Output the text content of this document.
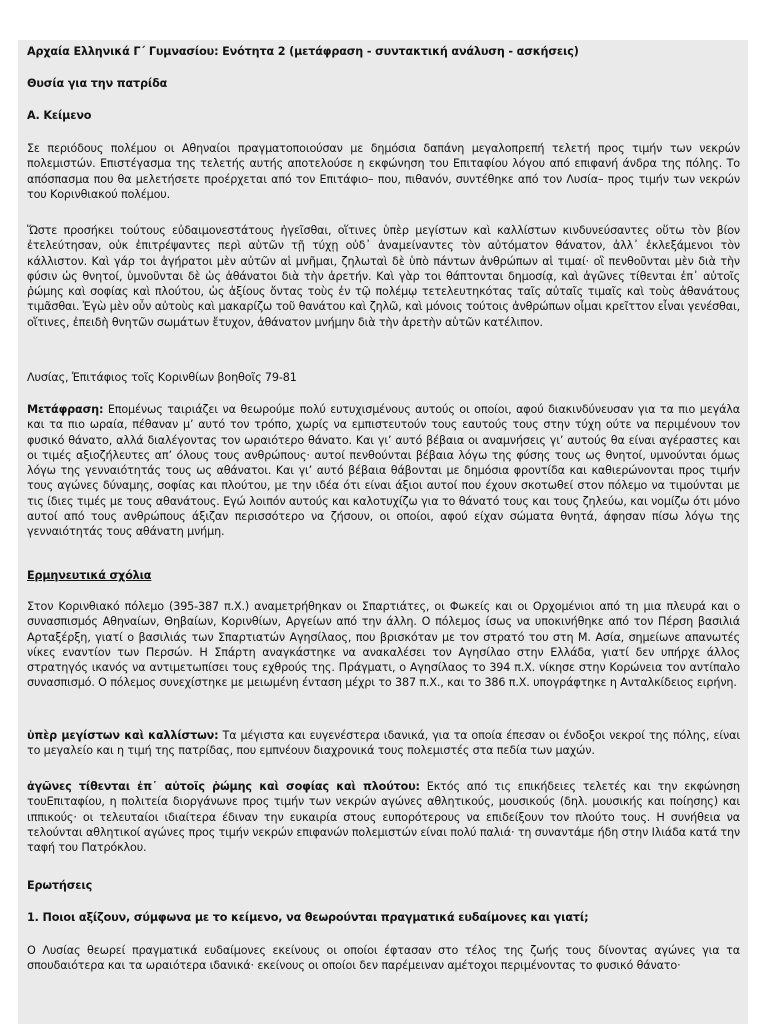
Αρχαία Ελληνικά Γ΄ Γυμνασίου: Ενότητα 2 (μετάφραση - συντακτική ανάλυση - ασκήσεις)

Θυσία για την πατρίδα

Α. Κείμενο

Σε περιόδους πολέμου οι Αθηναίοι πραγματοποιούσαν με δημόσια δαπάνη μεγαλοπρεπή τελετή προς τιμήν των νεκρών πολεμιστών. Επιστέγασμα της τελετής αυτής αποτελούσε η εκφώνηση του Επιταφίου λόγου από επιφανή άνδρα της πόλης. Το απόσπασμα που θα μελετήσετε προέρχεται από τον Επιτάφιο– που, πιθανόν, συντέθηκε από τον Λυσία– προς τιμήν των νεκρών του Κορινθιακού πολέμου.

Ὥστε προσήκει τούτους εὐδαιμονεστάτους ἡγεῖσθαι, οἵτινες ὑπὲρ μεγίστων καὶ καλλίστων κινδυνεύσαντες οὕτω τὸν βίον ἐτελεύτησαν, οὐκ ἐπιτρέψαντες περὶ αὑτῶν τῇ τύχῃ οὐδ᾽ ἀναμείναντες τὸν αὐτόματον θάνατον, ἀλλ᾽ ἐκλεξάμενοι τὸν κάλλιστον. Καὶ γάρ τοι ἀγήρατοι μὲν αὐτῶν αἱ μνῆμαι, ζηλωταὶ δὲ ὑπὸ πάντων ἀνθρώπων αἱ τιμαί· οἳ πενθοῦνται μὲν διὰ τὴν φύσιν ὡς θνητοί, ὑμνοῦνται δὲ ὡς ἀθάνατοι διὰ τὴν ἀρετήν. Καὶ γὰρ τοι θάπτονται δημοσίᾳ, καὶ ἀγῶνες τίθενται ἐπ᾽ αὐτοῖς ῥώμης καὶ σοφίας καὶ πλούτου, ὡς ἀξίους ὄντας τοὺς ἐν τῷ πολέμῳ τετελευτηκότας ταῖς αὐταῖς τιμαῖς καὶ τοὺς ἀθανάτους τιμᾶσθαι. Ἐγὼ μὲν οὖν αὐτοὺς καὶ μακαρίζω τοῦ θανάτου καὶ ζηλῶ, καὶ μόνοις τούτοις ἀνθρώπων οἶμαι κρεῖττον εἶναι γενέσθαι, οἵτινες, ἐπειδὴ θνητῶν σωμάτων ἔτυχον, ἀθάνατον μνήμην διὰ τὴν ἀρετὴν αὑτῶν κατέλιπον.

Λυσίας, Ἐπιτάφιος τοῖς Κορινθίων βοηθοῖς 79-81

Μετάφραση: Επομένως ταιριάζει να θεωρούμε πολύ ευτυχισμένους αυτούς οι οποίοι, αφού διακινδύνευσαν για τα πιο μεγάλα και τα πιο ωραία, πέθαναν μ’ αυτό τον τρόπο, χωρίς να εμπιστευτούν τους εαυτούς τους στην τύχη ούτε να περιμένουν τον φυσικό θάνατο, αλλά διαλέγοντας τον ωραιότερο θάνατο. Και γι’ αυτό βέβαια οι αναμνήσεις γι’ αυτούς θα είναι αγέραστες και οι τιμές αξιοζήλευτες απ’ όλους τους ανθρώπους· αυτοί πενθούνται βέβαια λόγω της φύσης τους ως θνητοί, υμνούνται όμως λόγω της γενναιότητάς τους ως αθάνατοι. Και γι’ αυτό βέβαια θάβονται με δημόσια φροντίδα και καθιερώνονται προς τιμήν τους αγώνες δύναμης, σοφίας και πλούτου, με την ιδέα ότι είναι άξιοι αυτοί που έχουν σκοτωθεί στον πόλεμο να τιμούνται με τις ίδιες τιμές με τους αθανάτους. Εγώ λοιπόν αυτούς και καλοτυχίζω για το θάνατό τους και τους ζηλεύω, και νομίζω ότι μόνο αυτοί από τους ανθρώπους άξιζαν περισσότερο να ζήσουν, οι οποίοι, αφού είχαν σώματα θνητά, άφησαν πίσω λόγω της γενναιότητάς τους αθάνατη μνήμη.

Ερμηνευτικά σχόλια

Στον Κορινθιακό πόλεμο (395-387 π.Χ.) αναμετρήθηκαν οι Σπαρτιάτες, οι Φωκείς και οι Ορχομένιοι από τη μια πλευρά και ο συνασπισμός Αθηναίων, Θηβαίων, Κορινθίων, Αργείων από την άλλη. Ο πόλεμος ίσως να υποκινήθηκε από τον Πέρση βασιλιά Αρταξέρξη, γιατί ο βασιλιάς των Σπαρτιατών Αγησίλαος, που βρισκόταν με τον στρατό του στη Μ. Ασία, σημείωνε απανωτές νίκες εναντίον των Περσών. Η Σπάρτη αναγκάστηκε να ανακαλέσει τον Αγησίλαο στην Ελλάδα, γιατί δεν υπήρχε άλλος στρατηγός ικανός να αντιμετωπίσει τους εχθρούς της. Πράγματι, ο Αγησίλαος το 394 π.Χ. νίκησε στην Κορώνεια τον αντίπαλο συνασπισμό. Ο πόλεμος συνεχίστηκε με μειωμένη ένταση μέχρι το 387 π.Χ., και το 386 π.Χ. υπογράφτηκε η Ανταλκίδειος ειρήνη.

ὑπὲρ μεγίστων καὶ καλλίστων: Τα μέγιστα και ευγενέστερα ιδανικά, για τα οποία έπεσαν οι ένδοξοι νεκροί της πόλης, είναι το μεγαλείο και η τιμή της πατρίδας, που εμπνέουν διαχρονικά τους πολεμιστές στα πεδία των μαχών.

ἀγῶνες τίθενται ἐπ᾽ αὐτοῖς ῥώμης καὶ σοφίας καὶ πλούτου: Εκτός από τις επικήδειες τελετές και την εκφώνηση τουΕπιταφίου, η πολιτεία διοργάνωνε προς τιμήν των νεκρών αγώνες αθλητικούς, μουσικούς (δηλ. μουσικής και ποίησης) και ιππικούς· οι τελευταίοι ιδιαίτερα έδιναν την ευκαιρία στους ευπορότερους να επιδείξουν τον πλούτο τους. Η συνήθεια να τελούνται αθλητικοί αγώνες προς τιμήν νεκρών επιφανών πολεμιστών είναι πολύ παλιά· τη συναντάμε ήδη στην Ιλιάδα κατά την ταφή του Πατρόκλου.

Ερωτήσεις

1. Ποιοι αξίζουν, σύμφωνα με το κείμενο, να θεωρούνται πραγματικά ευδαίμονες και γιατί;

Ο Λυσίας θεωρεί πραγματικά ευδαίμονες εκείνους οι οποίοι έφτασαν στο τέλος της ζωής τους δίνοντας αγώνες για τα σπουδαιότερα και τα ωραιότερα ιδανικά· εκείνους οι οποίοι δεν παρέμειναν αμέτοχοι περιμένοντας το φυσικό θάνατο·
